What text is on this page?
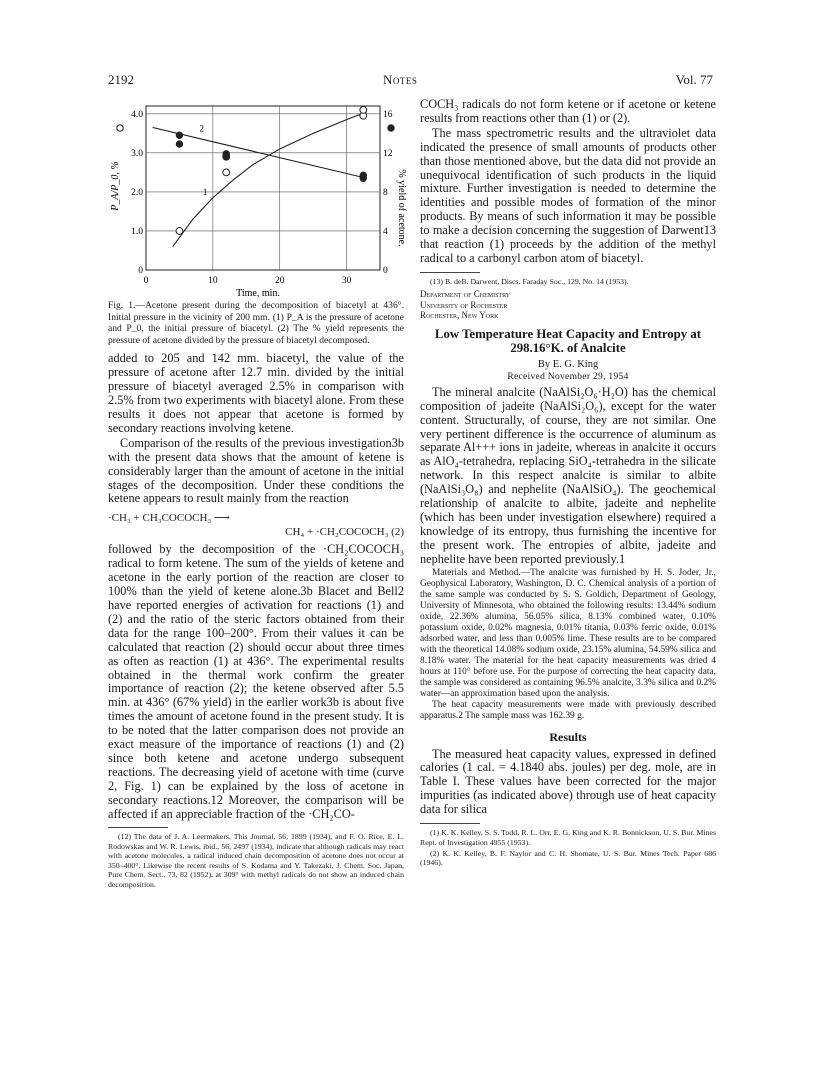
2192	Notes	Vol. 77
0	10	20	30
0
1.0
2.0
3.0
4.0
0
4
8
12
16
1
2
Time, min.
P_A/P_0, %	% yield of acetone.

Fig. 1.—Acetone present during the decomposition of biacetyl at 436°. Initial pressure in the vicinity of 200 mm. (1) P_A is the pressure of acetone and P_0, the initial pressure of biacetyl. (2) The % yield represents the pressure of acetone divided by the pressure of biacetyl decomposed.

added to 205 and 142 mm. biacetyl, the value of the pressure of acetone after 12.7 min. divided by the initial pressure of biacetyl averaged 2.5% in comparison with 2.5% from two experiments with biacetyl alone. From these results it does not appear that acetone is formed by secondary reactions involving ketene.

Comparison of the results of the previous investigation3b with the present data shows that the amount of ketene is considerably larger than the amount of acetone in the initial stages of the decomposition. Under these conditions the ketene appears to result mainly from the reaction

·CH₃ + CH₃COCOCH₃ ⟶
CH₄ + ·CH₂COCOCH₃ (2)

followed by the decomposition of the ·CH₂COCOCH₃ radical to form ketene. The sum of the yields of ketene and acetone in the early portion of the reaction are closer to 100% than the yield of ketene alone.3b Blacet and Bell2 have reported energies of activation for reactions (1) and (2) and the ratio of the steric factors obtained from their data for the range 100–200°. From their values it can be calculated that reaction (2) should occur about three times as often as reaction (1) at 436°. The experimental results obtained in the thermal work confirm the greater importance of reaction (2); the ketene observed after 5.5 min. at 436° (67% yield) in the earlier work3b is about five times the amount of acetone found in the present study. It is to be noted that the latter comparison does not provide an exact measure of the importance of reactions (1) and (2) since both ketene and acetone undergo subsequent reactions. The decreasing yield of acetone with time (curve 2, Fig. 1) can be explained by the loss of acetone in secondary reactions.12 Moreover, the comparison will be affected if an appreciable fraction of the ·CH₂CO-

(12) The data of J. A. Leermakers, This Journal, 56, 1899 (1934), and F. O. Rice, E. L. Rodowskas and W. R. Lewis, ibid., 56, 2497 (1934), indicate that although radicals may react with acetone molecules, a radical induced chain decomposition of acetone does not occur at 350–400°. Likewise the recent results of S. Kodama and Y. Takezaki, J. Chem. Soc. Japan, Pure Chem. Sect., 73, 82 (1952), at 309° with methyl radicals do not show an induced chain decomposition.

COCH₃ radicals do not form ketene or if acetone or ketene results from reactions other than (1) or (2).

The mass spectrometric results and the ultraviolet data indicated the presence of small amounts of products other than those mentioned above, but the data did not provide an unequivocal identification of such products in the liquid mixture. Further investigation is needed to determine the identities and possible modes of formation of the minor products. By means of such information it may be possible to make a decision concerning the suggestion of Darwent13 that reaction (1) proceeds by the addition of the methyl radical to a carbonyl carbon atom of biacetyl.

(13) B. deB. Darwent, Discs. Faraday Soc., 129, No. 14 (1953).

Department of Chemistry
University of Rochester
Rochester, New York
Low Temperature Heat Capacity and Entropy at 298.16°K. of Analcite
By E. G. King
Received November 29, 1954

The mineral analcite (NaAlSi₂O₆·H₂O) has the chemical composition of jadeite (NaAlSi₂O₆), except for the water content. Structurally, of course, they are not similar. One very pertinent difference is the occurrence of aluminum as separate Al+++ ions in jadeite, whereas in analcite it occurs as AlO₄-tetrahedra, replacing SiO₄-tetrahedra in the silicate network. In this respect analcite is similar to albite (NaAlSi₃O₈) and nephelite (NaAlSiO₄). The geochemical relationship of analcite to albite, jadeite and nephelite (which has been under investigation elsewhere) required a knowledge of its entropy, thus furnishing the incentive for the present work. The entropies of albite, jadeite and nephelite have been reported previously.1

Materials and Method.—The analcite was furnished by H. S. Joder, Jr., Geophysical Laboratory, Washington, D. C. Chemical analysis of a portion of the same sample was conducted by S. S. Goldich, Department of Geology, University of Minnesota, who obtained the following results: 13.44% sodium oxide, 22.36% alumina, 56.05% silica, 8.13% combined water, 0.10% potassium oxide, 0.02% magnesia, 0.01% titania, 0.03% ferric oxide, 0.01% adsorbed water, and less than 0.005% lime. These results are to be compared with the theoretical 14.08% sodium oxide, 23.15% alumina, 54.59% silica and 8.18% water. The material for the heat capacity measurements was dried 4 hours at 110° before use. For the purpose of correcting the heat capacity data, the sample was considered as containing 96.5% analcite, 3.3% silica and 0.2% water—an approximation based upon the analysis.

The heat capacity measurements were made with previously described apparatus.2 The sample mass was 162.39 g.

Results

The measured heat capacity values, expressed in defined calories (1 cal. = 4.1840 abs. joules) per deg. mole, are in Table I. These values have been corrected for the major impurities (as indicated above) through use of heat capacity data for silica

(1) K. K. Kelley, S. S. Todd, R. L. Orr, E. G. King and K. R. Bonnickson, U. S. Bur. Mines Rept. of Investigation 4955 (1953).

(2) K. K. Kelley, B. F. Naylor and C. H. Shomate, U. S. Bur. Mines Tech. Paper 686 (1946).
